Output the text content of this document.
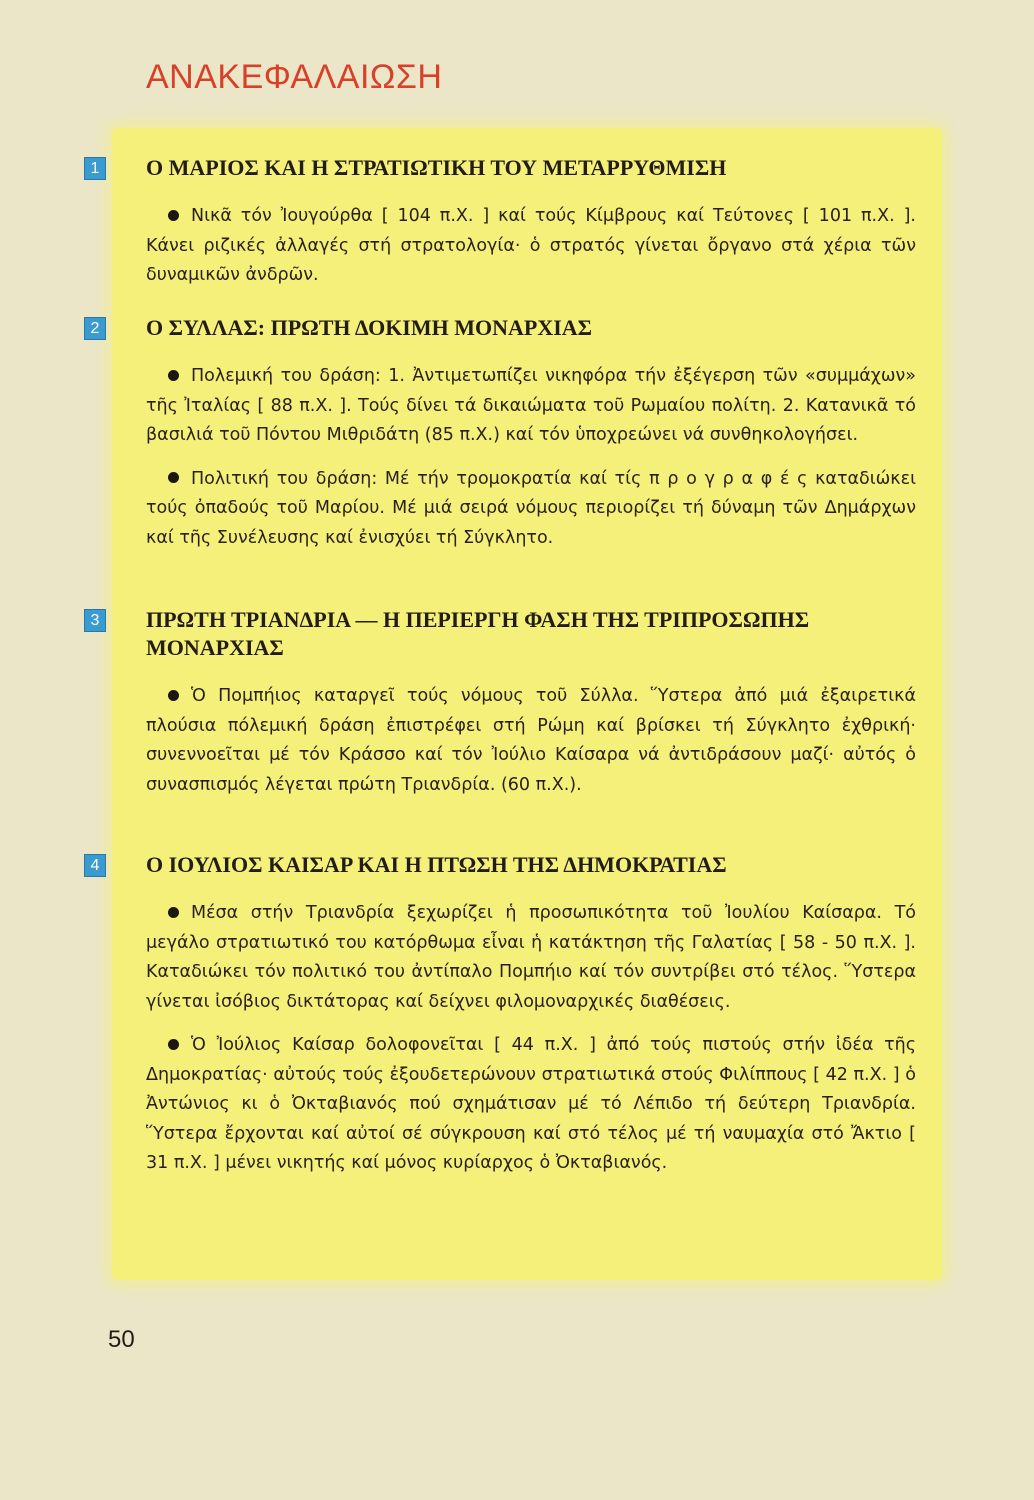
ΑΝΑΚΕΦΑΛΑΙΩΣΗ
1 Ο ΜΑΡΙΟΣ ΚΑΙ Η ΣΤΡΑΤΙΩΤΙΚΗ ΤΟΥ ΜΕΤΑΡΡΥΘΜΙΣΗ
Νικᾶ τόν Ἰουγούρθα [ 104 π.Χ. ] καί τούς Κίμβρους καί Τεύτονες [ 101 π.Χ. ]. Κάνει ριζικές ἀλλαγές στή στρατολογία· ὁ στρατός γίνεται ὄργανο στά χέρια τῶν δυναμικῶν ἀνδρῶν.
2 Ο ΣΥΛΛΑΣ: ΠΡΩΤΗ ΔΟΚΙΜΗ ΜΟΝΑΡΧΙΑΣ
Πολεμική του δράση: 1. Ἀντιμετωπίζει νικηφόρα τήν ἐξέγερση τῶν «συμμάχων» τῆς Ἰταλίας [ 88 π.Χ. ]. Τούς δίνει τά δικαιώματα τοῦ Ρωμαίου πολίτη. 2. Κατανικᾶ τό βασιλιά τοῦ Πόντου Μιθριδάτη (85 π.Χ.) καί τόν ὑποχρεώνει νά συνθηκολογήσει.
Πολιτική του δράση: Μέ τήν τρομοκρατία καί τίς π ρ ο γ ρ α φ έ ς καταδιώκει τούς ὀπαδούς τοῦ Μαρίου. Μέ μιά σειρά νόμους περιορίζει τή δύναμη τῶν Δημάρχων καί τῆς Συνέλευσης καί ἐνισχύει τή Σύγκλητο.
3 ΠΡΩΤΗ ΤΡΙΑΝΔΡΙΑ — Η ΠΕΡΙΕΡΓΗ ΦΑΣΗ ΤΗΣ ΤΡΙΠΡΟΣΩΠΗΣ ΜΟΝΑΡΧΙΑΣ
Ὁ Πομπήιος καταργεῖ τούς νόμους τοῦ Σύλλα. Ὕστερα ἀπό μιά ἐξαιρετικά πλούσια πόλεμική δράση ἐπιστρέφει στή Ρώμη καί βρίσκει τή Σύγκλητο ἐχθρική· συνεννοεῖται μέ τόν Κράσσο καί τόν Ἰούλιο Καίσαρα νά ἀντιδράσουν μαζί· αὐτός ὁ συνασπισμός λέγεται πρώτη Τριανδρία. (60 π.Χ.).
4 Ο ΙΟΥΛΙΟΣ ΚΑΙΣΑΡ ΚΑΙ Η ΠΤΩΣΗ ΤΗΣ ΔΗΜΟΚΡΑΤΙΑΣ
Μέσα στήν Τριανδρία ξεχωρίζει ἡ προσωπικότητα τοῦ Ἰουλίου Καίσαρα. Τό μεγάλο στρατιωτικό του κατόρθωμα εἶναι ἡ κατάκτηση τῆς Γαλατίας [ 58 - 50 π.Χ. ]. Καταδιώκει τόν πολιτικό του ἀντίπαλο Πομπήιο καί τόν συντρίβει στό τέλος. Ὕστερα γίνεται ἰσόβιος δικτάτορας καί δείχνει φιλομοναρχικές διαθέσεις.
Ὁ Ἰούλιος Καίσαρ δολοφονεῖται [ 44 π.Χ. ] ἀπό τούς πιστούς στήν ἰδέα τῆς Δημοκρατίας· αὐτούς τούς ἐξουδετερώνουν στρατιωτικά στούς Φιλίππους [ 42 π.Χ. ] ὁ Ἀντώνιος κι ὁ Ὀκταβιανός πού σχημάτισαν μέ τό Λέπιδο τή δεύτερη Τριανδρία. Ὕστερα ἔρχονται καί αὐτοί σέ σύγκρουση καί στό τέλος μέ τή ναυμαχία στό Ἄκτιο [ 31 π.Χ. ] μένει νικητής καί μόνος κυρίαρχος ὁ Ὀκταβιανός.
50
